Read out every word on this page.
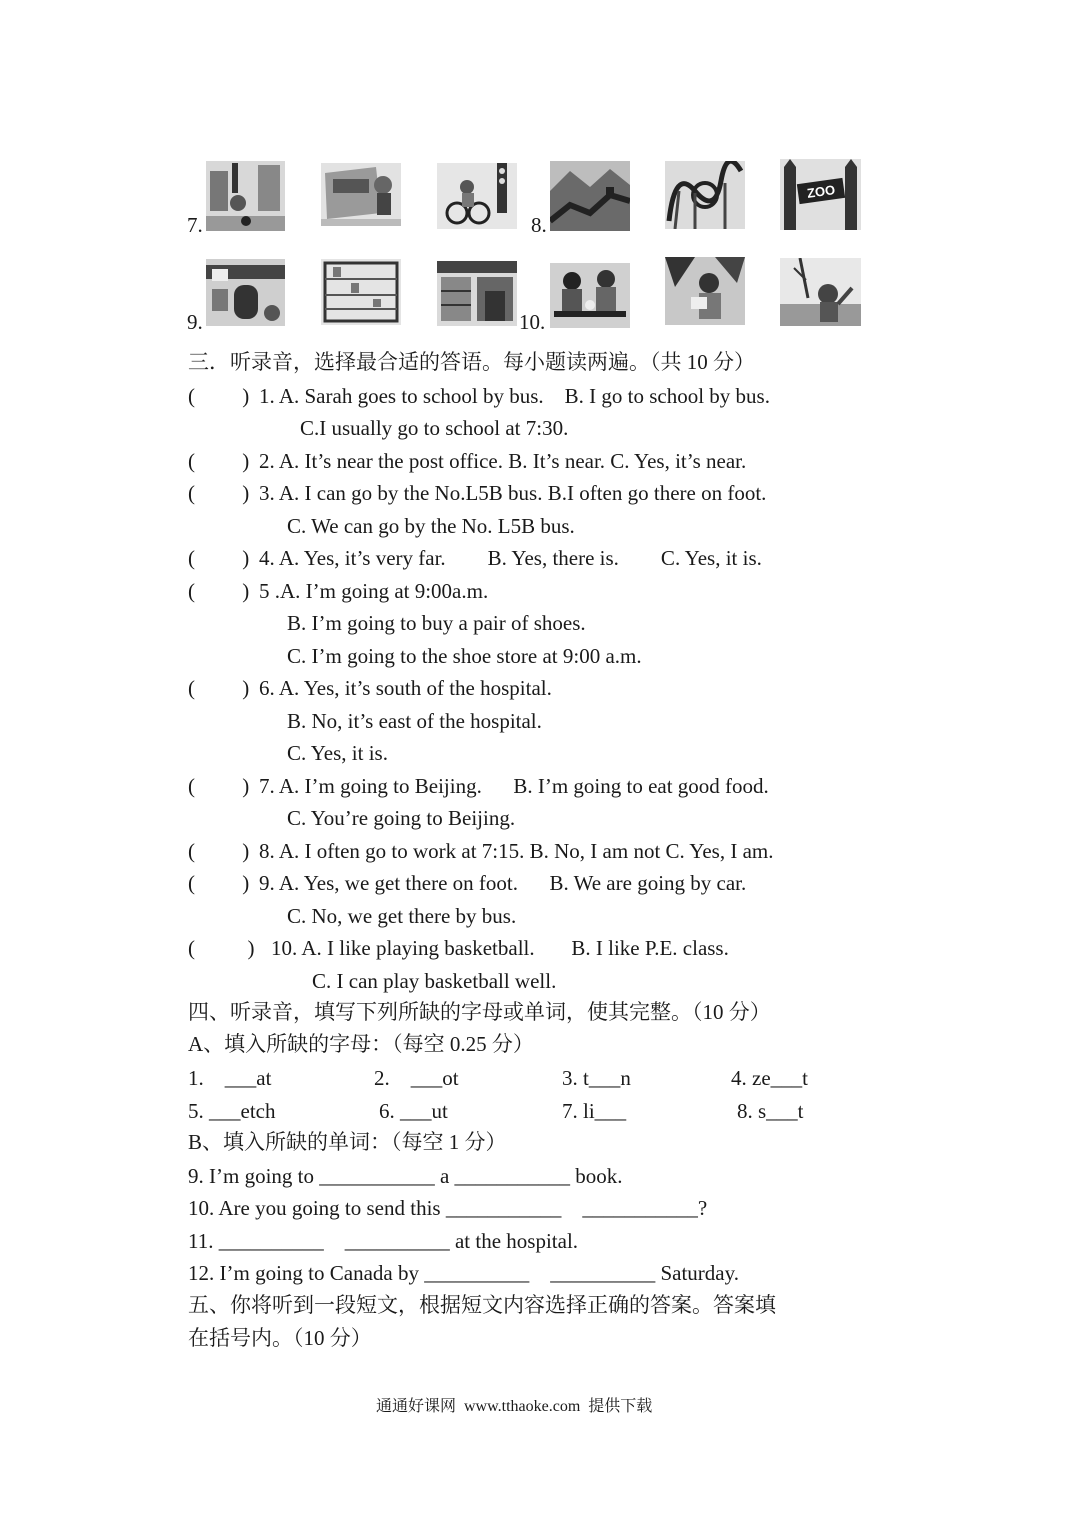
7.	8.
ZOO
9.	10.
三．听录音，选择最合适的答语。每小题读两遍。（共 10 分）
(         ) 1. A. Sarah goes to school by bus.    B. I go to school by bus.
C.I usually go to school at 7:30.
(         ) 2. A. It’s near the post office. B. It’s near. C. Yes, it’s near.
(         ) 3. A. I can go by the No.L5B bus. B.I often go there on foot.
C. We can go by the No. L5B bus.
(         ) 4. A. Yes, it’s very far.        B. Yes, there is.        C. Yes, it is.
(         ) 5 .A. I’m going at 9:00a.m.
B. I’m going to buy a pair of shoes.
C. I’m going to the shoe store at 9:00 a.m.
(         ) 6. A. Yes, it’s south of the hospital.
B. No, it’s east of the hospital.
C. Yes, it is.
(         ) 7. A. I’m going to Beijing.      B. I’m going to eat good food.
C. You’re going to Beijing.
(         ) 8. A. I often go to work at 7:15. B. No, I am not C. Yes, I am.
(         ) 9. A. Yes, we get there on foot.      B. We are going by car.
C. No, we get there by bus.
(          ) 10. A. I like playing basketball.       B. I like P.E. class.
C. I can play basketball well.
四、听录音，填写下列所缺的字母或单词，使其完整。（10 分）
A、填入所缺的字母：（每空 0.25 分）
1.    ___at	2.    ___ot	3. t___n	4. ze___t
5. ___etch	6. ___ut	7. li___	8. s___t
B、填入所缺的单词：（每空 1 分）
9. I’m going to ___________ a ___________ book.
10. Are you going to send this ___________    ___________?
11. __________    __________ at the hospital.
12. I’m going to Canada by __________    __________ Saturday.
五、你将听到一段短文，根据短文内容选择正确的答案。答案填
在括号内。（10 分）
通通好课网  www.tthaoke.com  提供下载
